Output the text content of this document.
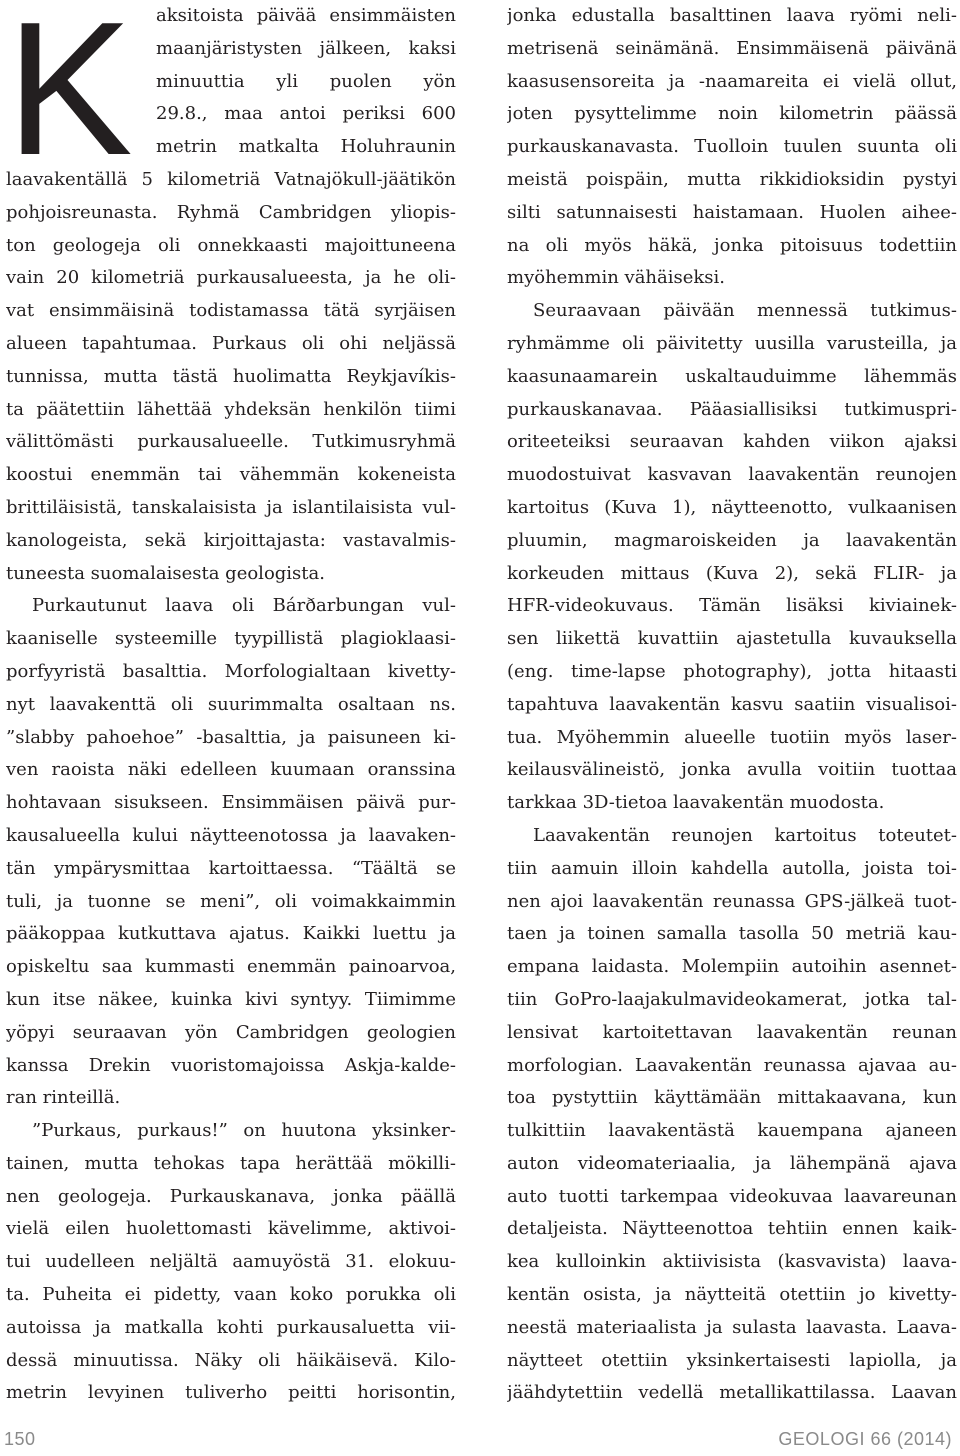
K	aksitoista päivää ensimmäisten
maanjäristysten jälkeen, kaksi
minuuttia yli puolen yön
29.8., maa antoi periksi 600
metrin matkalta Holuhraunin
laavakentällä 5 kilometriä Vatnajökull-jäätikön
pohjoisreunasta. Ryhmä Cambridgen yliopis-
ton geologeja oli onnekkaasti majoittuneena
vain 20 kilometriä purkausalueesta, ja he oli-
vat ensimmäisinä todistamassa tätä syrjäisen
alueen tapahtumaa. Purkaus oli ohi neljässä
tunnissa, mutta tästä huolimatta Reykjavíkis-
ta päätettiin lähettää yhdeksän henkilön tiimi
välittömästi purkausalueelle. Tutkimusryhmä
koostui enemmän tai vähemmän kokeneista
brittiläisistä, tanskalaisista ja islantilaisista vul-
kanologeista, sekä kirjoittajasta: vastavalmis-
tuneesta suomalaisesta geologista.
Purkautunut laava oli Bárðarbungan vul-
kaaniselle systeemille tyypillistä plagioklaasi-
porfyyristä basalttia. Morfologialtaan kivetty-
nyt laavakenttä oli suurimmalta osaltaan ns.
”slabby pahoehoe” -basalttia, ja paisuneen ki-
ven raoista näki edelleen kuumaan oranssina
hohtavaan sisukseen. Ensimmäisen päivä pur-
kausalueella kului näytteenotossa ja laavaken-
tän ympärysmittaa kartoittaessa. “Täältä se
tuli, ja tuonne se meni”, oli voimakkaimmin
pääkoppaa kutkuttava ajatus. Kaikki luettu ja
opiskeltu saa kummasti enemmän painoarvoa,
kun itse näkee, kuinka kivi syntyy. Tiimimme
yöpyi seuraavan yön Cambridgen geologien
kanssa Drekin vuoristomajoissa Askja-kalde-
ran rinteillä.
”Purkaus, purkaus!” on huutona yksinker-
tainen, mutta tehokas tapa herättää mökilli-
nen geologeja. Purkauskanava, jonka päällä
vielä eilen huolettomasti kävelimme, aktivoi-
tui uudelleen neljältä aamuyöstä 31. elokuu-
ta. Puheita ei pidetty, vaan koko porukka oli
autoissa ja matkalla kohti purkausaluetta vii-
dessä minuutissa. Näky oli häikäisevä. Kilo-
metrin levyinen tuliverho peitti horisontin,
jonka edustalla basalttinen laava ryömi neli-
metrisenä seinämänä. Ensimmäisenä päivänä
kaasusensoreita ja -naamareita ei vielä ollut,
joten pysyttelimme noin kilometrin päässä
purkauskanavasta. Tuolloin tuulen suunta oli
meistä poispäin, mutta rikkidioksidin pystyi
silti satunnaisesti haistamaan. Huolen aihee-
na oli myös häkä, jonka pitoisuus todettiin
myöhemmin vähäiseksi.
Seuraavaan päivään mennessä tutkimus-
ryhmämme oli päivitetty uusilla varusteilla, ja
kaasunaamarein uskaltauduimme lähemmäs
purkauskanavaa. Pääasiallisiksi tutkimuspri-
oriteeteiksi seuraavan kahden viikon ajaksi
muodostuivat kasvavan laavakentän reunojen
kartoitus (Kuva 1), näytteenotto, vulkaanisen
pluumin, magmaroiskeiden ja laavakentän
korkeuden mittaus (Kuva 2), sekä FLIR- ja
HFR-videokuvaus. Tämän lisäksi kiviainek-
sen liikettä kuvattiin ajastetulla kuvauksella
(eng. time-lapse photography), jotta hitaasti
tapahtuva laavakentän kasvu saatiin visualisoi-
tua. Myöhemmin alueelle tuotiin myös laser-
keilausvälineistö, jonka avulla voitiin tuottaa
tarkkaa 3D-tietoa laavakentän muodosta.
Laavakentän reunojen kartoitus toteutet-
tiin aamuin illoin kahdella autolla, joista toi-
nen ajoi laavakentän reunassa GPS-jälkeä tuot-
taen ja toinen samalla tasolla 50 metriä kau-
empana laidasta. Molempiin autoihin asennet-
tiin GoPro-laajakulmavideokamerat, jotka tal-
lensivat kartoitettavan laavakentän reunan
morfologian. Laavakentän reunassa ajavaa au-
toa pystyttiin käyttämään mittakaavana, kun
tulkittiin laavakentästä kauempana ajaneen
auton videomateriaalia, ja lähempänä ajava
auto tuotti tarkempaa videokuvaa laavareunan
detaljeista. Näytteenottoa tehtiin ennen kaik-
kea kulloinkin aktiivisista (kasvavista) laava-
kentän osista, ja näytteitä otettiin jo kivetty-
neestä materiaalista ja sulasta laavasta. Laava-
näytteet otettiin yksinkertaisesti lapiolla, ja
jäähdytettiin vedellä metallikattilassa. Laavan
150	GEOLOGI 66 (2014)
